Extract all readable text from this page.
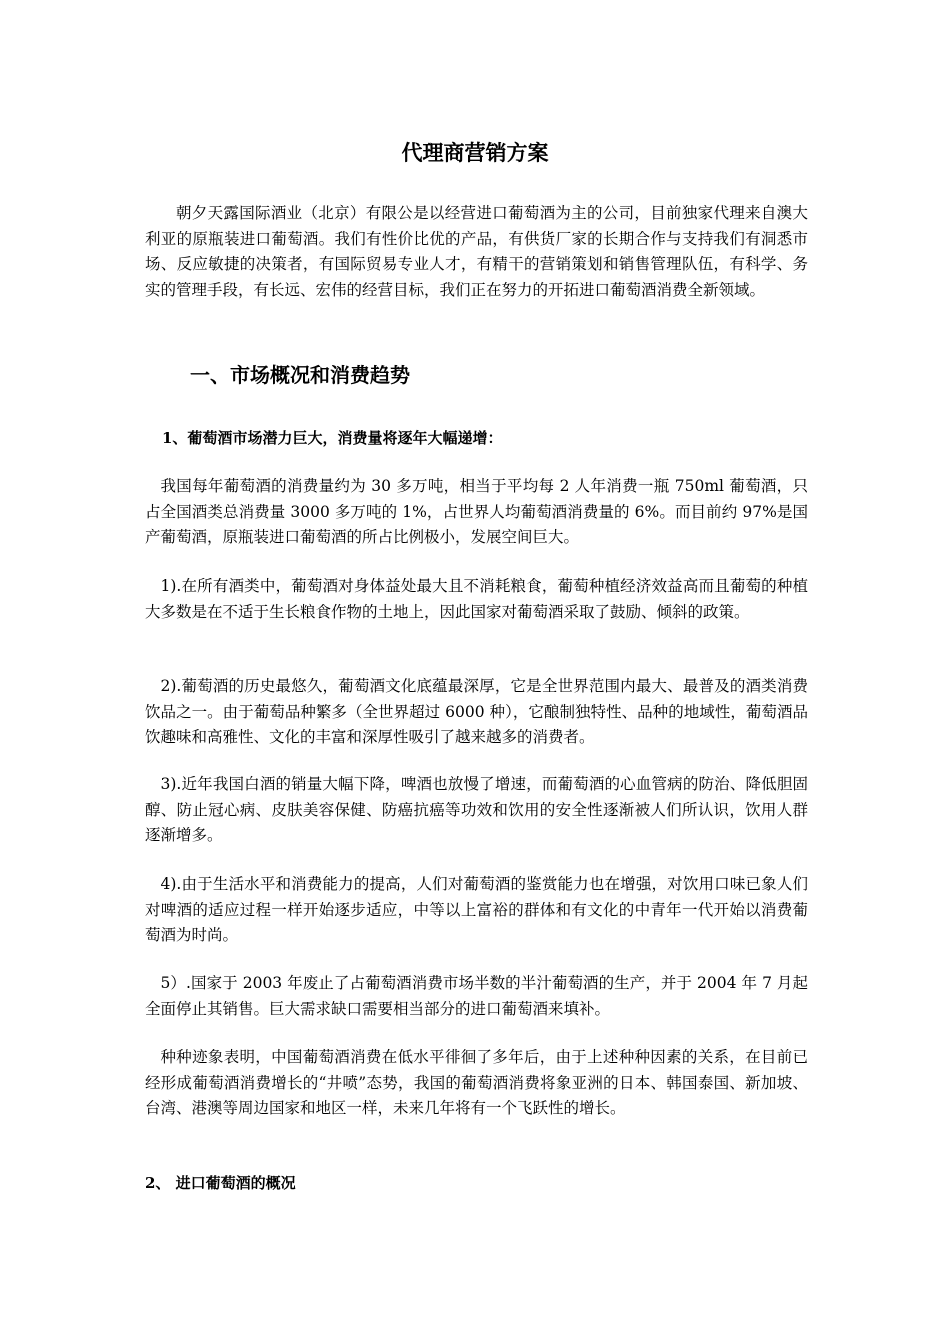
代理商营销方案
朝夕天露国际酒业（北京）有限公是以经营进口葡萄酒为主的公司，目前独家代理来自澳大利亚的原瓶装进口葡萄酒。我们有性价比优的产品，有供货厂家的长期合作与支持我们有洞悉市场、反应敏捷的决策者，有国际贸易专业人才，有精干的营销策划和销售管理队伍，有科学、务实的管理手段，有长远、宏伟的经营目标，我们正在努力的开拓进口葡萄酒消费全新领域。
一、市场概况和消费趋势
1、葡萄酒市场潜力巨大，消费量将逐年大幅递增：
我国每年葡萄酒的消费量约为 30 多万吨，相当于平均每 2 人年消费一瓶 750ml 葡萄酒，只占全国酒类总消费量 3000 多万吨的 1%，占世界人均葡萄酒消费量的 6%。而目前约 97%是国产葡萄酒，原瓶装进口葡萄酒的所占比例极小，发展空间巨大。
1).在所有酒类中，葡萄酒对身体益处最大且不消耗粮食，葡萄种植经济效益高而且葡萄的种植大多数是在不适于生长粮食作物的土地上，因此国家对葡萄酒采取了鼓励、倾斜的政策。
2).葡萄酒的历史最悠久，葡萄酒文化底蕴最深厚，它是全世界范围内最大、最普及的酒类消费饮品之一。由于葡萄品种繁多（全世界超过 6000 种），它酿制独特性、品种的地域性，葡萄酒品饮趣味和高雅性、文化的丰富和深厚性吸引了越来越多的消费者。
3).近年我国白酒的销量大幅下降，啤酒也放慢了增速，而葡萄酒的心血管病的防治、降低胆固醇、防止冠心病、皮肤美容保健、防癌抗癌等功效和饮用的安全性逐渐被人们所认识，饮用人群逐渐增多。
4).由于生活水平和消费能力的提高，人们对葡萄酒的鉴赏能力也在增强，对饮用口味已象人们对啤酒的适应过程一样开始逐步适应，中等以上富裕的群体和有文化的中青年一代开始以消费葡萄酒为时尚。
5）.国家于 2003 年废止了占葡萄酒消费市场半数的半汁葡萄酒的生产，并于 2004 年 7 月起全面停止其销售。巨大需求缺口需要相当部分的进口葡萄酒来填补。
种种迹象表明，中国葡萄酒消费在低水平徘徊了多年后，由于上述种种因素的关系，在目前已经形成葡萄酒消费增长的“井喷”态势，我国的葡萄酒消费将象亚洲的日本、韩国泰国、新加坡、台湾、港澳等周边国家和地区一样，未来几年将有一个飞跃性的增长。
2、 进口葡萄酒的概况
